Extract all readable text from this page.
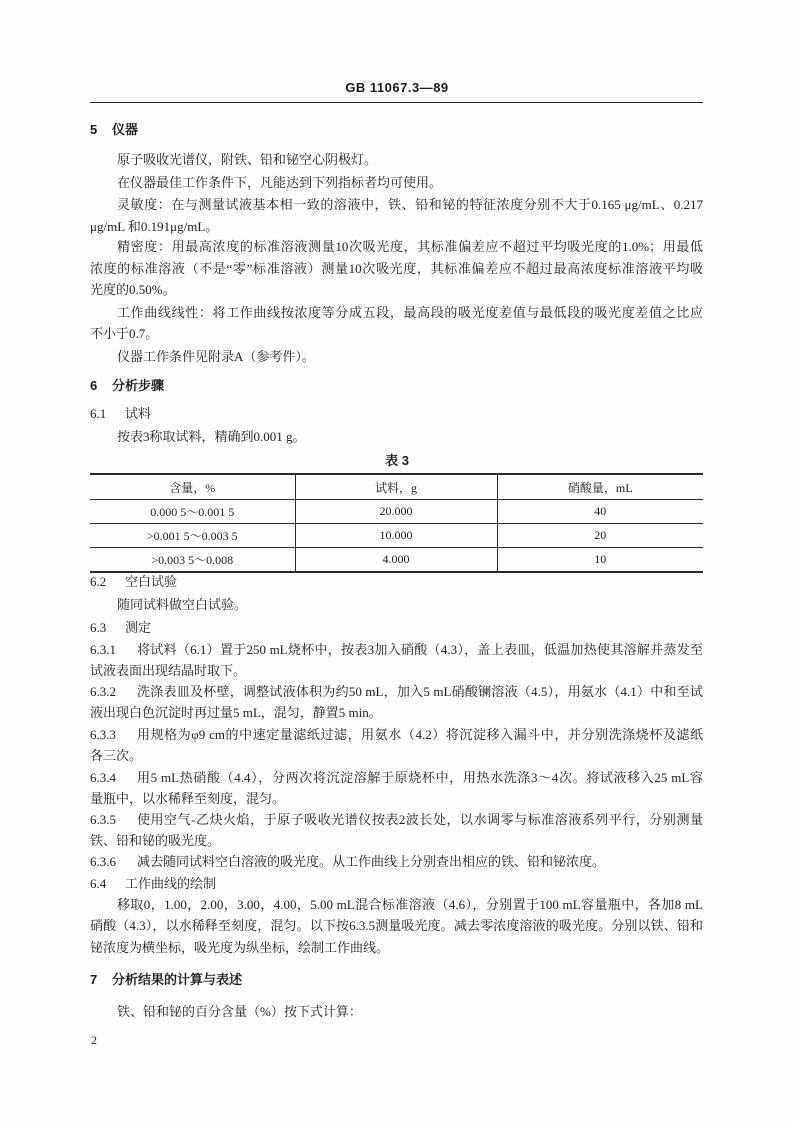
GB 11067.3—89
5 仪器
原子吸收光谱仪，附铁、铅和铋空心阴极灯。
在仪器最佳工作条件下，凡能达到下列指标者均可使用。
灵敏度：在与测量试液基本相一致的溶液中，铁、铅和铋的特征浓度分别不大于0.165 μg/mL、0.217
μg/mL 和0.191μg/mL。
精密度：用最高浓度的标准溶液测量10次吸光度，其标准偏差应不超过平均吸光度的1.0%；用最低
浓度的标准溶液（不是“零”标准溶液）测量10次吸光度，其标准偏差应不超过最高浓度标准溶液平均吸
光度的0.50%。
工作曲线线性：将工作曲线按浓度等分成五段，最高段的吸光度差值与最低段的吸光度差值之比应
不小于0.7。
仪器工作条件见附录A（参考件）。
6 分析步骤
6.1 试料
按表3称取试料，精确到0.001 g。
表 3
含量，%	试料，g	硝酸量，mL
0.000 5～0.001 5	20.000	40
>0.001 5～0.003 5	10.000	20
>0.003 5～0.008	4.000	10
6.2 空白试验
随同试料做空白试验。
6.3 测定
6.3.1	将试料（6.1）置于250 mL烧杯中，按表3加入硝酸（4.3），盖上表皿，低温加热使其溶解并蒸发至
试液表面出现结晶时取下。
6.3.2	洗涤表皿及杯壁，调整试液体积为约50 mL，加入5 mL硝酸镧溶液（4.5），用氨水（4.1）中和至试
液出现白色沉淀时再过量5 mL，混匀，静置5 min。
6.3.3	用规格为φ9 cm的中速定量滤纸过滤，用氨水（4.2）将沉淀移入漏斗中，并分别洗涤烧杯及滤纸
各三次。
6.3.4	用5 mL热硝酸（4.4），分两次将沉淀溶解于原烧杯中，用热水洗涤3～4次。将试液移入25 mL容
量瓶中，以水稀释至刻度，混匀。
6.3.5	使用空气-乙炔火焰，于原子吸收光谱仪按表2波长处，以水调零与标准溶液系列平行，分别测量
铁、铅和铋的吸光度。
6.3.6	减去随同试料空白溶液的吸光度。从工作曲线上分别查出相应的铁、铅和铋浓度。
6.4 工作曲线的绘制
移取0，1.00，2.00，3.00，4.00，5.00 mL混合标准溶液（4.6），分别置于100 mL容量瓶中，各加8 mL
硝酸（4.3），以水稀释至刻度，混匀。以下按6.3.5测量吸光度。减去零浓度溶液的吸光度。分别以铁、铅和
铋浓度为横坐标，吸光度为纵坐标，绘制工作曲线。
7 分析结果的计算与表述
铁、铅和铋的百分含量（%）按下式计算：
2
